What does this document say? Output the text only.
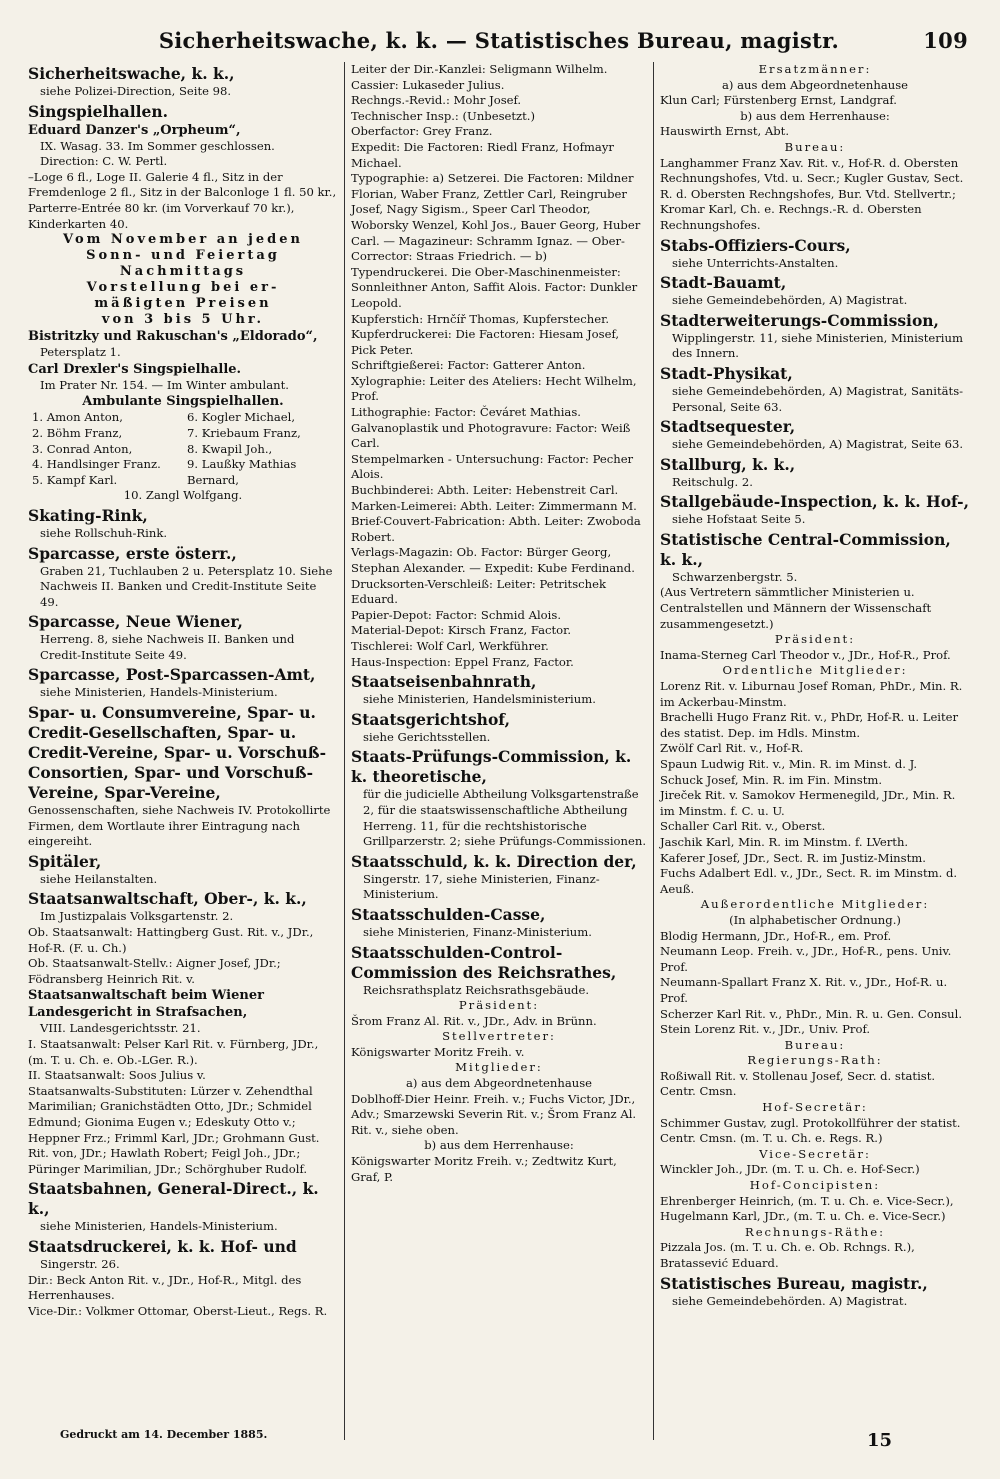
Sicherheitswache, k. k. — Statistisches Bureau, magistr.	109
Sicherheitswache, k. k.,
siehe Polizei-Direction, Seite 98.
Singspielhallen.
Eduard Danzer's „Orpheum“,
IX. Wasag. 33. Im Sommer geschlossen.
Direction: C. W. Pertl.
–Loge 6 fl., Loge II. Galerie 4 fl., Sitz in der Fremdenloge 2 fl., Sitz in der Balconloge 1 fl. 50 kr., Parterre-Entrée 80 kr. (im Vorverkauf 70 kr.), Kinderkarten 40.
Vom November an jeden
Sonn- und Feiertag
Nachmittags
Vorstellung bei er-
mäßigten Preisen
von 3 bis 5 Uhr.
Bistritzky und Rakuschan's „Eldorado“,
Petersplatz 1.
Carl Drexler's Singspielhalle.
Im Prater Nr. 154. — Im Winter ambulant.
Ambulante Singspielhallen.
1. Amon Anton,	6. Kogler Michael,
2. Böhm Franz,	7. Kriebaum Franz,
3. Conrad Anton,	8. Kwapil Joh.,
4. Handlsinger Franz.	9. Laußky Mathias
5. Kampf Karl.	Bernard,
10. Zangl Wolfgang.
Skating-Rink,
siehe Rollschuh-Rink.
Sparcasse, erste österr.,
Graben 21, Tuchlauben 2 u. Petersplatz 10. Siehe Nachweis II. Banken und Credit-Institute Seite 49.
Sparcasse, Neue Wiener,
Herreng. 8, siehe Nachweis II. Banken und Credit-Institute Seite 49.
Sparcasse, Post-Sparcassen-Amt,
siehe Ministerien, Handels-Ministerium.
Spar- u. Consumvereine, Spar- u. Credit-Gesellschaften, Spar- u. Credit-Vereine, Spar- u. Vorschuß-Consortien, Spar- und Vorschuß-Vereine, Spar-Vereine,
Genossenschaften, siehe Nachweis IV. Protokollirte Firmen, dem Wortlaute ihrer Eintragung nach eingereiht.
Spitäler,
siehe Heilanstalten.
Staatsanwaltschaft, Ober-, k. k.,
Im Justizpalais Volksgartenstr. 2.
Ob. Staatsanwalt: Hattingberg Gust. Rit. v., JDr., Hof-R. (F. u. Ch.)
Ob. Staatsanwalt-Stellv.: Aigner Josef, JDr.; Födransberg Heinrich Rit. v.
Staatsanwaltschaft beim Wiener Landesgericht in Strafsachen,
VIII. Landesgerichtsstr. 21.
I. Staatsanwalt: Pelser Karl Rit. v. Fürnberg, JDr., (m. T. u. Ch. e. Ob.-LGer. R.).
II. Staatsanwalt: Soos Julius v.
Staatsanwalts-Substituten: Lürzer v. Zehendthal Marimilian; Granichstädten Otto, JDr.; Schmidel Edmund; Gionima Eugen v.; Edeskuty Otto v.; Heppner Frz.; Frimml Karl, JDr.; Grohmann Gust. Rit. von, JDr.; Hawlath Robert; Feigl Joh., JDr.; Püringer Marimilian, JDr.; Schörghuber Rudolf.
Staatsbahnen, General-Direct., k. k.,
siehe Ministerien, Handels-Ministerium.
Staatsdruckerei, k. k. Hof- und
Singerstr. 26.
Dir.: Beck Anton Rit. v., JDr., Hof-R., Mitgl. des Herrenhauses.
Vice-Dir.: Volkmer Ottomar, Oberst-Lieut., Regs. R.
Leiter der Dir.-Kanzlei: Seligmann Wilhelm.
Cassier: Lukaseder Julius.
Rechngs.-Revid.: Mohr Josef.
Technischer Insp.: (Unbesetzt.)
Oberfactor: Grey Franz.
Expedit: Die Factoren: Riedl Franz, Hofmayr Michael.
Typographie: a) Setzerei. Die Factoren: Mildner Florian, Waber Franz, Zettler Carl, Reingruber Josef, Nagy Sigism., Speer Carl Theodor, Woborsky Wenzel, Kohl Jos., Bauer Georg, Huber Carl. — Magazineur: Schramm Ignaz. — Ober-Corrector: Straas Friedrich. — b) Typendruckerei. Die Ober-Maschinenmeister: Sonnleithner Anton, Saffit Alois. Factor: Dunkler Leopold.
Kupferstich: Hrnčíř Thomas, Kupferstecher.
Kupferdruckerei: Die Factoren: Hiesam Josef, Pick Peter.
Schriftgießerei: Factor: Gatterer Anton.
Xylographie: Leiter des Ateliers: Hecht Wilhelm, Prof.
Lithographie: Factor: Čeváret Mathias.
Galvanoplastik und Photogravure: Factor: Weiß Carl.
Stempelmarken - Untersuchung: Factor: Pecher Alois.
Buchbinderei: Abth. Leiter: Hebenstreit Carl.
Marken-Leimerei: Abth. Leiter: Zimmermann M.
Brief-Couvert-Fabrication: Abth. Leiter: Zwoboda Robert.
Verlags-Magazin: Ob. Factor: Bürger Georg, Stephan Alexander. — Expedit: Kube Ferdinand.
Drucksorten-Verschleiß: Leiter: Petritschek Eduard.
Papier-Depot: Factor: Schmid Alois.
Material-Depot: Kirsch Franz, Factor.
Tischlerei: Wolf Carl, Werkführer.
Haus-Inspection: Eppel Franz, Factor.
Staatseisenbahnrath,
siehe Ministerien, Handelsministerium.
Staatsgerichtshof,
siehe Gerichtsstellen.
Staats-Prüfungs-Commission, k. k. theoretische,
für die judicielle Abtheilung Volksgartenstraße 2, für die staatswissenschaftliche Abtheilung Herreng. 11, für die rechtshistorische Grillparzerstr. 2; siehe Prüfungs-Commissionen.
Staatsschuld, k. k. Direction der,
Singerstr. 17, siehe Ministerien, Finanz-Ministerium.
Staatsschulden-Casse,
siehe Ministerien, Finanz-Ministerium.
Staatsschulden-Control-Commission des Reichsrathes,
Reichsrathsplatz Reichsrathsgebäude.
Präsident:
Šrom Franz Al. Rit. v., JDr., Adv. in Brünn.
Stellvertreter:
Königswarter Moritz Freih. v.
Mitglieder:
a) aus dem Abgeordnetenhause
Doblhoff-Dier Heinr. Freih. v.; Fuchs Victor, JDr., Adv.; Smarzewski Severin Rit. v.; Šrom Franz Al. Rit. v., siehe oben.
b) aus dem Herrenhause:
Königswarter Moritz Freih. v.; Zedtwitz Kurt, Graf, P.
Ersatzmänner:
a) aus dem Abgeordnetenhause
Klun Carl; Fürstenberg Ernst, Landgraf.
b) aus dem Herrenhause:
Hauswirth Ernst, Abt.
Bureau:
Langhammer Franz Xav. Rit. v., Hof-R. d. Obersten Rechnungshofes, Vtd. u. Secr.; Kugler Gustav, Sect. R. d. Obersten Rechngshofes, Bur. Vtd. Stellvertr.; Kromar Karl, Ch. e. Rechngs.-R. d. Obersten Rechnungshofes.
Stabs-Offiziers-Cours,
siehe Unterrichts-Anstalten.
Stadt-Bauamt,
siehe Gemeindebehörden, A) Magistrat.
Stadterweiterungs-Commission,
Wipplingerstr. 11, siehe Ministerien, Ministerium des Innern.
Stadt-Physikat,
siehe Gemeindebehörden, A) Magistrat, Sanitäts-Personal, Seite 63.
Stadtsequester,
siehe Gemeindebehörden, A) Magistrat, Seite 63.
Stallburg, k. k.,
Reitschulg. 2.
Stallgebäude-Inspection, k. k. Hof-,
siehe Hofstaat Seite 5.
Statistische Central-Commission, k. k.,
Schwarzenbergstr. 5.
(Aus Vertretern sämmtlicher Ministerien u. Centralstellen und Männern der Wissenschaft zusammengesetzt.)
Präsident:
Inama-Sterneg Carl Theodor v., JDr., Hof-R., Prof.
Ordentliche Mitglieder:
Lorenz Rit. v. Liburnau Josef Roman, PhDr., Min. R. im Ackerbau-Minstm.
Brachelli Hugo Franz Rit. v., PhDr, Hof-R. u. Leiter des statist. Dep. im Hdls. Minstm.
Zwölf Carl Rit. v., Hof-R.
Spaun Ludwig Rit. v., Min. R. im Minst. d. J.
Schuck Josef, Min. R. im Fin. Minstm.
Jireček Rit. v. Samokov Hermenegild, JDr., Min. R. im Minstm. f. C. u. U.
Schaller Carl Rit. v., Oberst.
Jaschik Karl, Min. R. im Minstm. f. LVerth.
Kaferer Josef, JDr., Sect. R. im Justiz-Minstm.
Fuchs Adalbert Edl. v., JDr., Sect. R. im Minstm. d. Aeuß.
Außerordentliche Mitglieder:
(In alphabetischer Ordnung.)
Blodig Hermann, JDr., Hof-R., em. Prof.
Neumann Leop. Freih. v., JDr., Hof-R., pens. Univ. Prof.
Neumann-Spallart Franz X. Rit. v., JDr., Hof-R. u. Prof.
Scherzer Karl Rit. v., PhDr., Min. R. u. Gen. Consul.
Stein Lorenz Rit. v., JDr., Univ. Prof.
Bureau:
Regierungs-Rath:
Roßiwall Rit. v. Stollenau Josef, Secr. d. statist. Centr. Cmsn.
Hof-Secretär:
Schimmer Gustav, zugl. Protokollführer der statist. Centr. Cmsn. (m. T. u. Ch. e. Regs. R.)
Vice-Secretär:
Winckler Joh., JDr. (m. T. u. Ch. e. Hof-Secr.)
Hof-Concipisten:
Ehrenberger Heinrich, (m. T. u. Ch. e. Vice-Secr.), Hugelmann Karl, JDr., (m. T. u. Ch. e. Vice-Secr.)
Rechnungs-Räthe:
Pizzala Jos. (m. T. u. Ch. e. Ob. Rchngs. R.), Bratassević Eduard.
Statistisches Bureau, magistr.,
siehe Gemeindebehörden. A) Magistrat.
Gedruckt am 14. December 1885.	15
